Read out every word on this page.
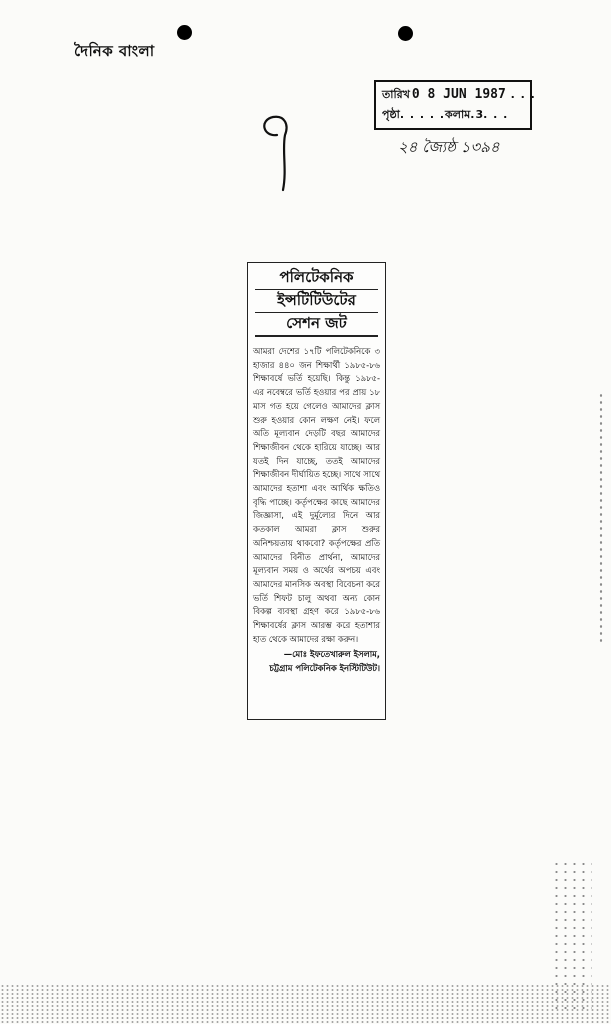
দৈনিক বাংলা
তারিখ 0 8 JUN 1987 . . .
পৃষ্ঠা . . . . . কলাম . 3 . . .
9
২৪ জ্যৈষ্ঠ ১৩৯৪
পলিটেকনিক
ইন্সটিটিউটের
সেশন জট
আমরা দেশের ১৭টি পলিটেকনিকে ৩ হাজার ৪৪০ জন শিক্ষার্থী ১৯৮৫-৮৬ শিক্ষাবর্ষে ভর্তি হয়েছি। কিন্তু ১৯৮৫-এর নবেম্বরে ভর্তি হওয়ার পর প্রায় ১৮ মাস গত হয়ে গেলেও আমাদের ক্লাস শুরু হওয়ার কোন লক্ষণ নেই। ফলে অতি মূল্যবান দেড়টি বছর আমাদের শিক্ষাজীবন থেকে হারিয়ে যাচ্ছে। আর যতই দিন যাচ্ছে, ততই আমাদের শিক্ষাজীবন দীর্ঘায়িত হচ্ছে। সাথে সাথে আমাদের হতাশা এবং আর্থিক ক্ষতিও বৃদ্ধি পাচ্ছে। কর্তৃপক্ষের কাছে আমাদের জিজ্ঞাসা, এই দুর্মূল্যের দিনে আর কতকাল আমরা ক্লাস শুরুর অনিশ্চয়তায় থাকবো? কর্তৃপক্ষের প্রতি আমাদের বিনীত প্রার্থনা, আমাদের মূল্যবান সময় ও অর্থের অপচয় এবং আমাদের মানসিক অবস্থা বিবেচনা করে ভর্তি শিফট চালু অথবা অন্য কোন বিকল্প ব্যবস্থা গ্রহণ করে ১৯৮৫-৮৬ শিক্ষাবর্ষের ক্লাস আরম্ভ করে হতাশার হাত থেকে আমাদের রক্ষা করুন।
—মোঃ ইফতেখারুল ইসলাম,
চট্টগ্রাম পলিটেকনিক ইনস্টিটিউট।
